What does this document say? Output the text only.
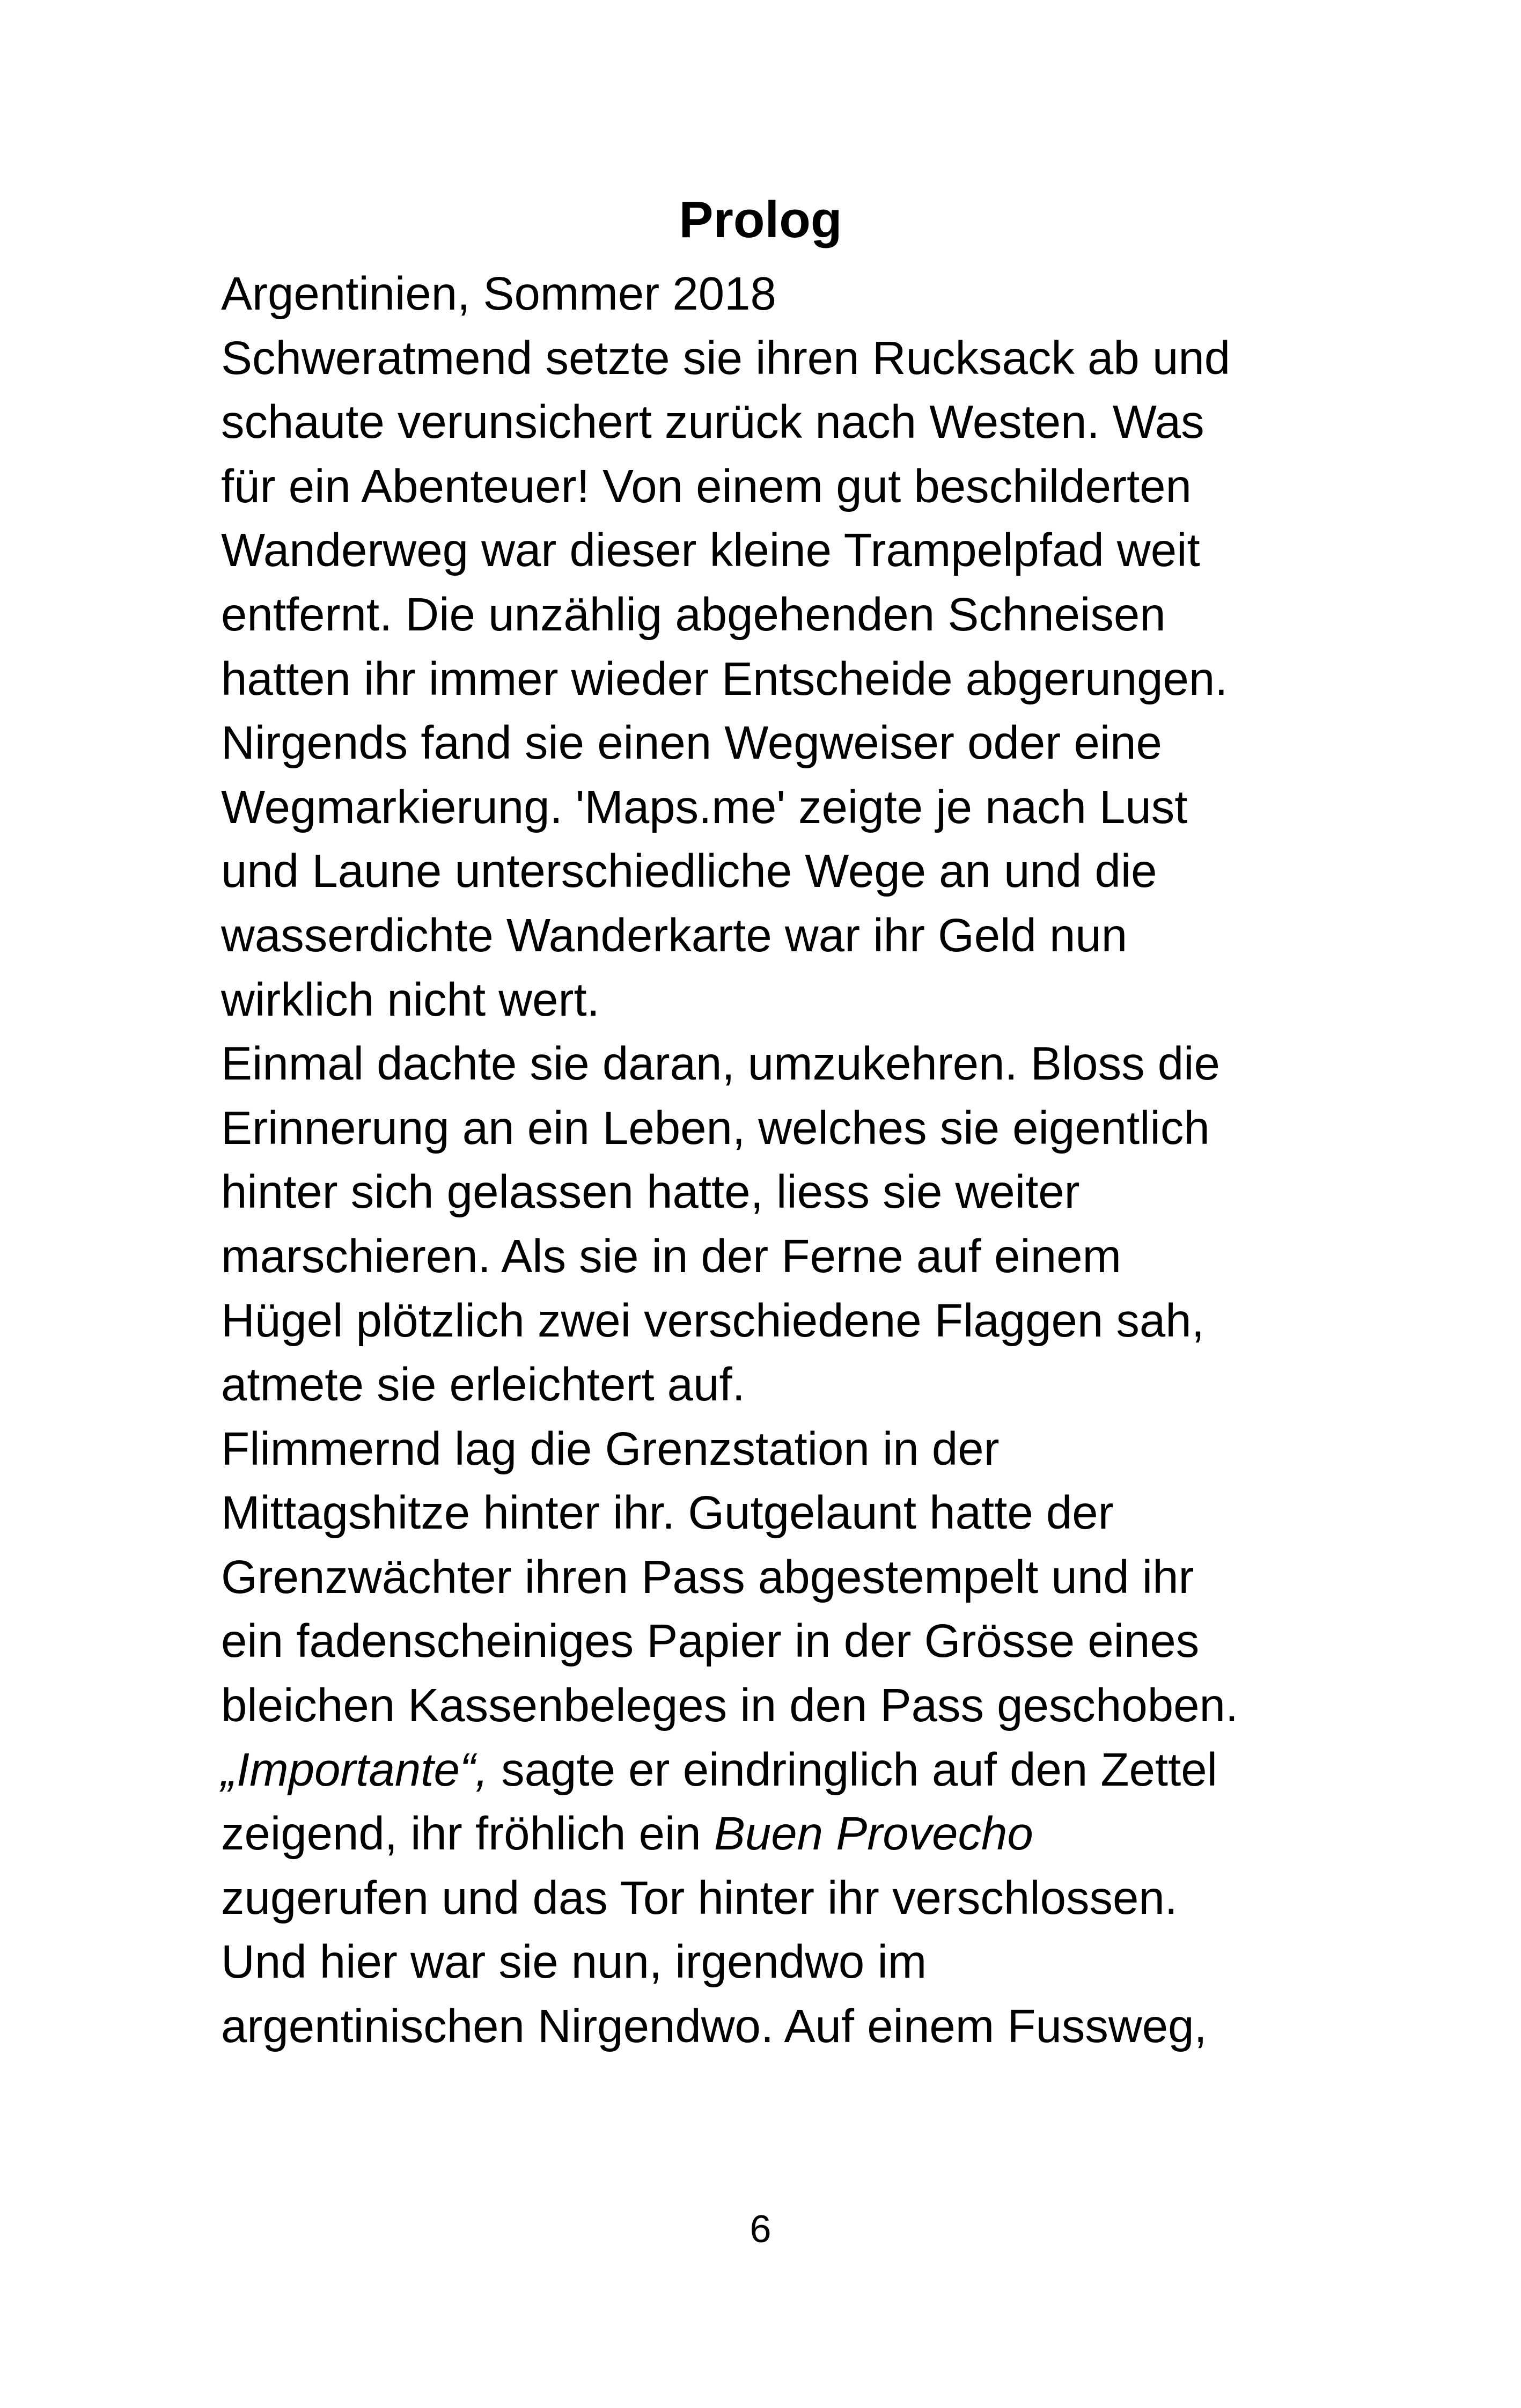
Prolog
Argentinien, Sommer 2018
Schweratmend setzte sie ihren Rucksack ab und
schaute verunsichert zurück nach Westen. Was
für ein Abenteuer! Von einem gut beschilderten
Wanderweg war dieser kleine Trampelpfad weit
entfernt. Die unzählig abgehenden Schneisen
hatten ihr immer wieder Entscheide abgerungen.
Nirgends fand sie einen Wegweiser oder eine
Wegmarkierung. 'Maps.me' zeigte je nach Lust
und Laune unterschiedliche Wege an und die
wasserdichte Wanderkarte war ihr Geld nun
wirklich nicht wert.
Einmal dachte sie daran, umzukehren. Bloss die
Erinnerung an ein Leben, welches sie eigentlich
hinter sich gelassen hatte, liess sie weiter
marschieren. Als sie in der Ferne auf einem
Hügel plötzlich zwei verschiedene Flaggen sah,
atmete sie erleichtert auf.
Flimmernd lag die Grenzstation in der
Mittagshitze hinter ihr. Gutgelaunt hatte der
Grenzwächter ihren Pass abgestempelt und ihr
ein fadenscheiniges Papier in der Grösse eines
bleichen Kassenbeleges in den Pass geschoben.
„Importante“, sagte er eindringlich auf den Zettel
zeigend, ihr fröhlich ein Buen Provecho
zugerufen und das Tor hinter ihr verschlossen.
Und hier war sie nun, irgendwo im
argentinischen Nirgendwo. Auf einem Fussweg,
6
